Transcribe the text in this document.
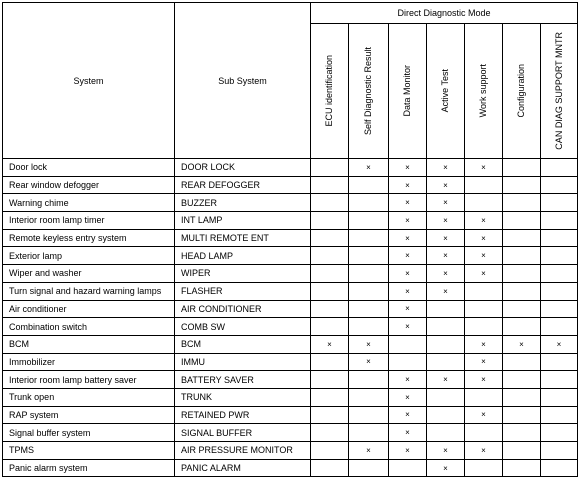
System	Sub System	Direct Diagnostic Mode						

		ECU identification	Self Diagnostic Result	Data Monitor	Active Test	Work support	Configuration	CAN DIAG SUPPORT MNTR

Door lock	DOOR LOCK		×	×	×	×		
Rear window defogger	REAR DEFOGGER			×	×			
Warning chime	BUZZER			×	×			
Interior room lamp timer	INT LAMP			×	×	×		
Remote keyless entry system	MULTI REMOTE ENT			×	×	×		
Exterior lamp	HEAD LAMP			×	×	×		
Wiper and washer	WIPER			×	×	×		
Turn signal and hazard warning lamps	FLASHER			×	×			
Air conditioner	AIR CONDITIONER			×				
Combination switch	COMB SW			×				
BCM	BCM	×	×			×	×	×
Immobilizer	IMMU		×			×		
Interior room lamp battery saver	BATTERY SAVER			×	×	×		
Trunk open	TRUNK			×				
RAP system	RETAINED PWR			×		×		
Signal buffer system	SIGNAL BUFFER			×				
TPMS	AIR PRESSURE MONITOR		×	×	×	×		
Panic alarm system	PANIC ALARM				×			
